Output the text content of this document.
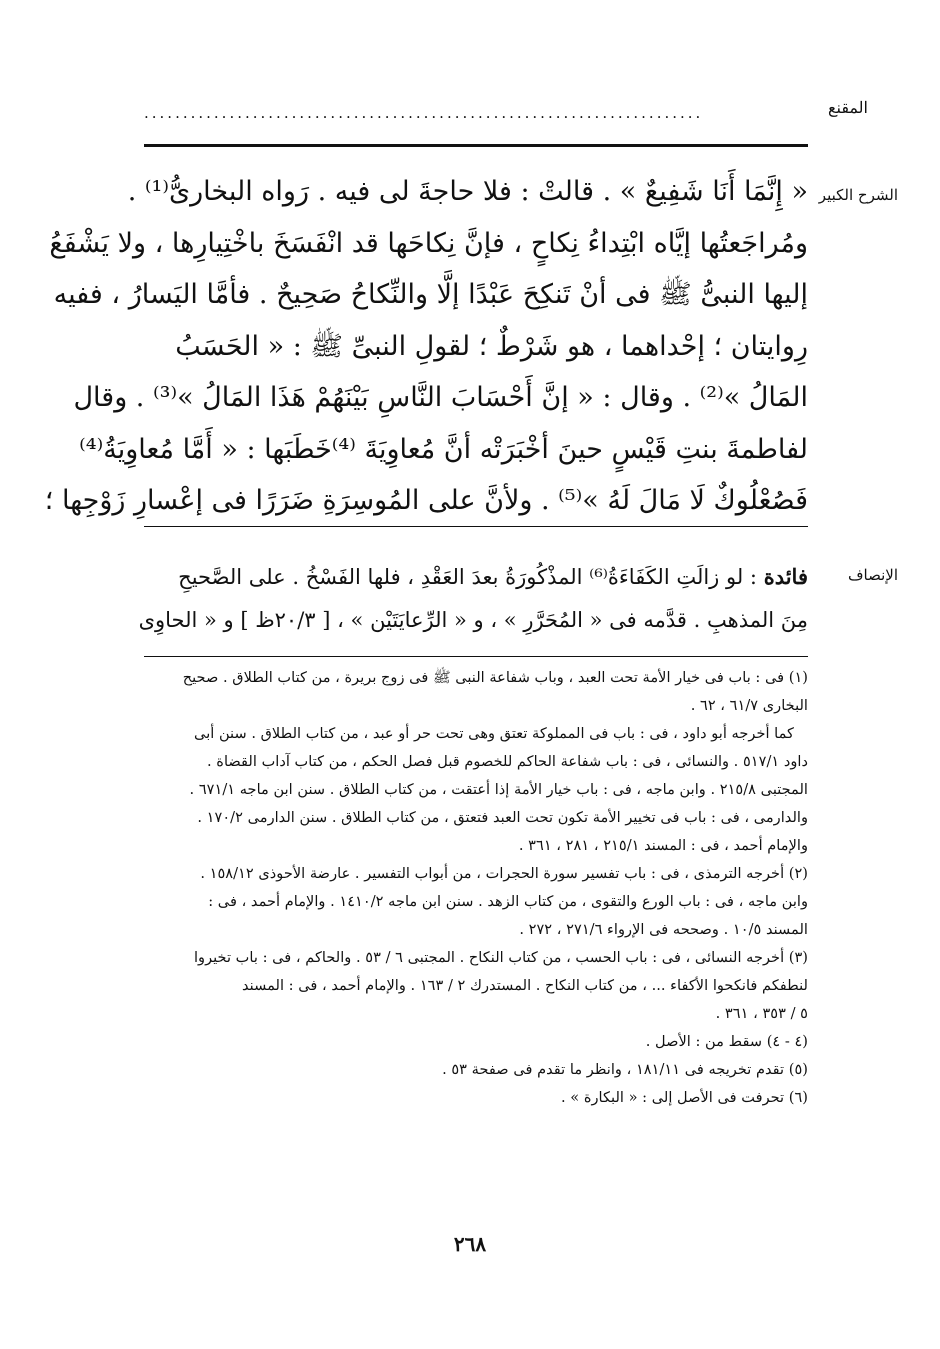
المقنع
........................................................................
الشرح الكبير
« إِنَّمَا أَنَا شَفِيعٌ » . قالتْ : فلا حاجةَ لى فيه . رَواه البخارىُّ⁽¹⁾ .
ومُراجَعتُها إيَّاه ابْتِداءُ نِكاحٍ ، فإنَّ نِكاحَها قد انْفَسَخَ باخْتِيارِها ، ولا يَشْفَعُ
إليها النبىُّ ﷺ فى أنْ تَنكِحَ عَبْدًا إلَّا والنِّكاحُ صَحِيحٌ . فأمَّا اليَسارُ ، ففيه
رِوايتان ؛ إحْداهما ، هو شَرْطٌ ؛ لقولِ النبىِّ ﷺ : « الحَسَبُ
المَالُ »⁽²⁾ . وقال : « إنَّ أَحْسَابَ النَّاسِ بَيْنَهُمْ هَذَا المَالُ »⁽³⁾ . وقال
لفاطمةَ بنتِ قَيْسٍ حينَ أخْبَرَتْه أنَّ مُعاوِيَةَ ⁽⁴⁾خَطَبَها : « أَمَّا مُعاوِيَةُ⁽⁴⁾
فَصُعْلُوكٌ لَا مَالَ لَهُ »⁽⁵⁾ . ولأنَّ على المُوسِرَةِ ضَرَرًا فى إعْسارِ زَوْجِها ؛
الإنصاف
فائدة : لو زالَتِ الكَفَاءَةُ⁽⁶⁾ المذْكُورَةُ بعدَ العَقْدِ ، فلها الفَسْخُ . على الصَّحيحِ
مِنَ المذهبِ . قدَّمه فى « المُحَرَّرِ » ، و « الرِّعايَتَيْن » ، [ ٢٠/٣ظ ] و « الحاوِى
(١) فى : باب فى خيار الأمة تحت العبد ، وباب شفاعة النبى ﷺ فى زوج بريرة ، من كتاب الطلاق . صحيح
البخارى ٦١/٧ ، ٦٢ .
كما أخرجه أبو داود ، فى : باب فى المملوكة تعتق وهى تحت حر أو عبد ، من كتاب الطلاق . سنن أبى
داود ٥١٧/١ . والنسائى ، فى : باب شفاعة الحاكم للخصوم قبل فصل الحكم ، من كتاب آداب القضاة .
المجتبى ٢١٥/٨ . وابن ماجه ، فى : باب خيار الأمة إذا أعتقت ، من كتاب الطلاق . سنن ابن ماجه ٦٧١/١ .
والدارمى ، فى : باب فى تخيير الأمة تكون تحت العبد فتعتق ، من كتاب الطلاق . سنن الدارمى ١٧٠/٢ .
والإمام أحمد ، فى : المسند ٢١٥/١ ، ٢٨١ ، ٣٦١ .
(٢) أخرجه الترمذى ، فى : باب تفسير سورة الحجرات ، من أبواب التفسير . عارضة الأحوذى ١٥٨/١٢ .
وابن ماجه ، فى : باب الورع والتقوى ، من كتاب الزهد . سنن ابن ماجه ١٤١٠/٢ . والإمام أحمد ، فى :
المسند ١٠/٥ . وصححه فى الإرواء ٢٧١/٦ ، ٢٧٢ .
(٣) أخرجه النسائى ، فى : باب الحسب ، من كتاب النكاح . المجتبى ٦ / ٥٣ . والحاكم ، فى : باب تخيروا
لنطفكم فانكحوا الأكفاء ... ، من كتاب النكاح . المستدرك ٢ / ١٦٣ . والإمام أحمد ، فى : المسند
٥ / ٣٥٣ ، ٣٦١ .
(٤ - ٤) سقط من : الأصل .
(٥) تقدم تخريجه فى ١٨١/١١ ، وانظر ما تقدم فى صفحة ٥٣ .
(٦) تحرفت فى الأصل إلى : « البكارة » .
٢٦٨
